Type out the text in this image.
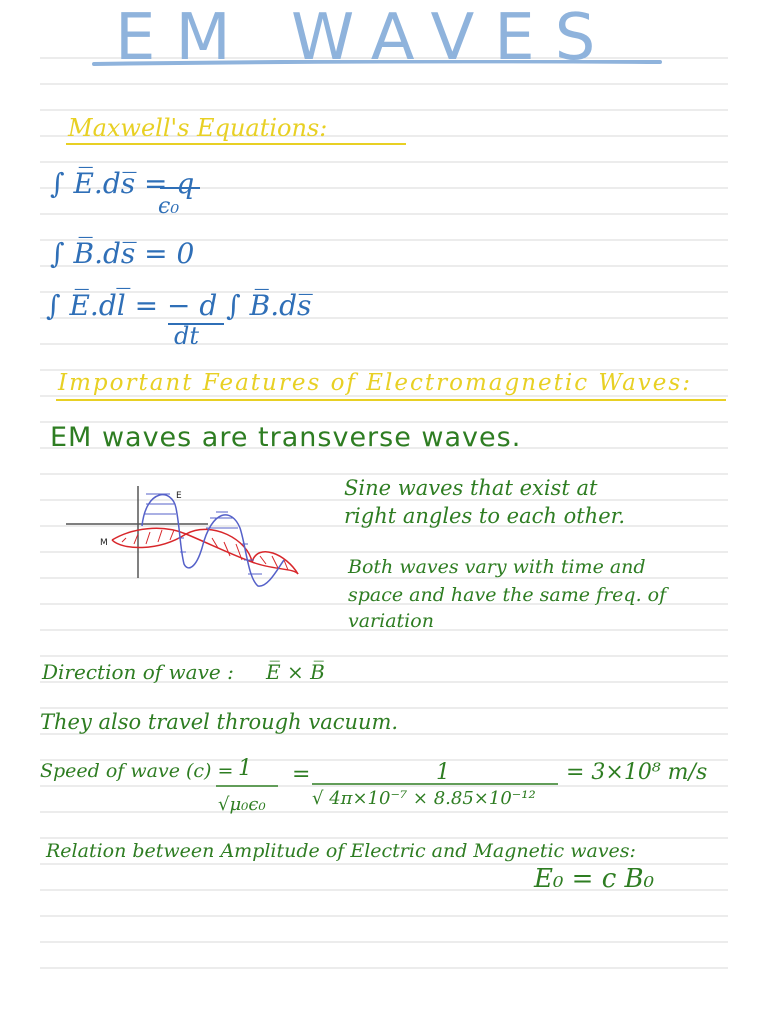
EM WAVES
Maxwell's Equations:
∫ E̅.ds̅ = q
ϵ₀
∫ B̅.ds̅ = 0
∫ E̅.dl̅ = − d ∫ B̅.ds̅
dt
Important Features of Electromagnetic Waves:
EM waves are transverse waves.
E
M
Sine waves that exist at
right angles to each other.
Both waves vary with time and
space and have the same freq. of
variation
Direction of wave : E̅ × B̅
They also travel through vacuum.
Speed of wave (c) = 1
√μ₀ϵ₀
=	1
√ 4π×10⁻⁷ × 8.85×10⁻¹²
= 3×10⁸ m/s
Relation between Amplitude of Electric and Magnetic waves:
E₀ = c B₀
